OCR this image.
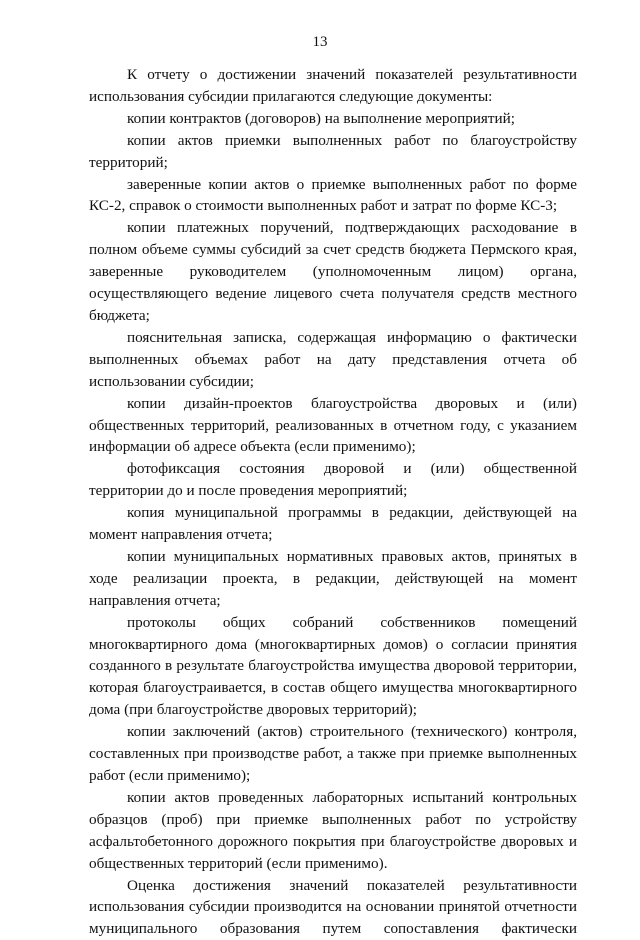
13

К отчету о достижении значений показателей результативности использования субсидии прилагаются следующие документы:

копии контрактов (договоров) на выполнение мероприятий;

копии актов приемки выполненных работ по благоустройству территорий;

заверенные копии актов о приемке выполненных работ по форме КС-2, справок о стоимости выполненных работ и затрат по форме КС-3;

копии платежных поручений, подтверждающих расходование в полном объеме суммы субсидий за счет средств бюджета Пермского края, заверенные руководителем (уполномоченным лицом) органа, осуществляющего ведение лицевого счета получателя средств местного бюджета;

пояснительная записка, содержащая информацию о фактически выполненных объемах работ на дату представления отчета об использовании субсидии;

копии дизайн-проектов благоустройства дворовых и (или) общественных территорий, реализованных в отчетном году, с указанием информации об адресе объекта (если применимо);

фотофиксация состояния дворовой и (или) общественной территории до и после проведения мероприятий;

копия муниципальной программы в редакции, действующей на момент направления отчета;

копии муниципальных нормативных правовых актов, принятых в ходе реализации проекта, в редакции, действующей на момент направления отчета;

протоколы общих собраний собственников помещений многоквартирного дома (многоквартирных домов) о согласии принятия созданного в результате благоустройства имущества дворовой территории, которая благоустраивается, в состав общего имущества многоквартирного дома (при благоустройстве дворовых территорий);

копии заключений (актов) строительного (технического) контроля, составленных при производстве работ, а также при приемке выполненных работ (если применимо);

копии актов проведенных лабораторных испытаний контрольных образцов (проб) при приемке выполненных работ по устройству асфальтобетонного дорожного покрытия при благоустройстве дворовых и общественных территорий (если применимо).

Оценка достижения значений показателей результативности использования субсидии производится на основании принятой отчетности муниципального образования путем сопоставления фактически
